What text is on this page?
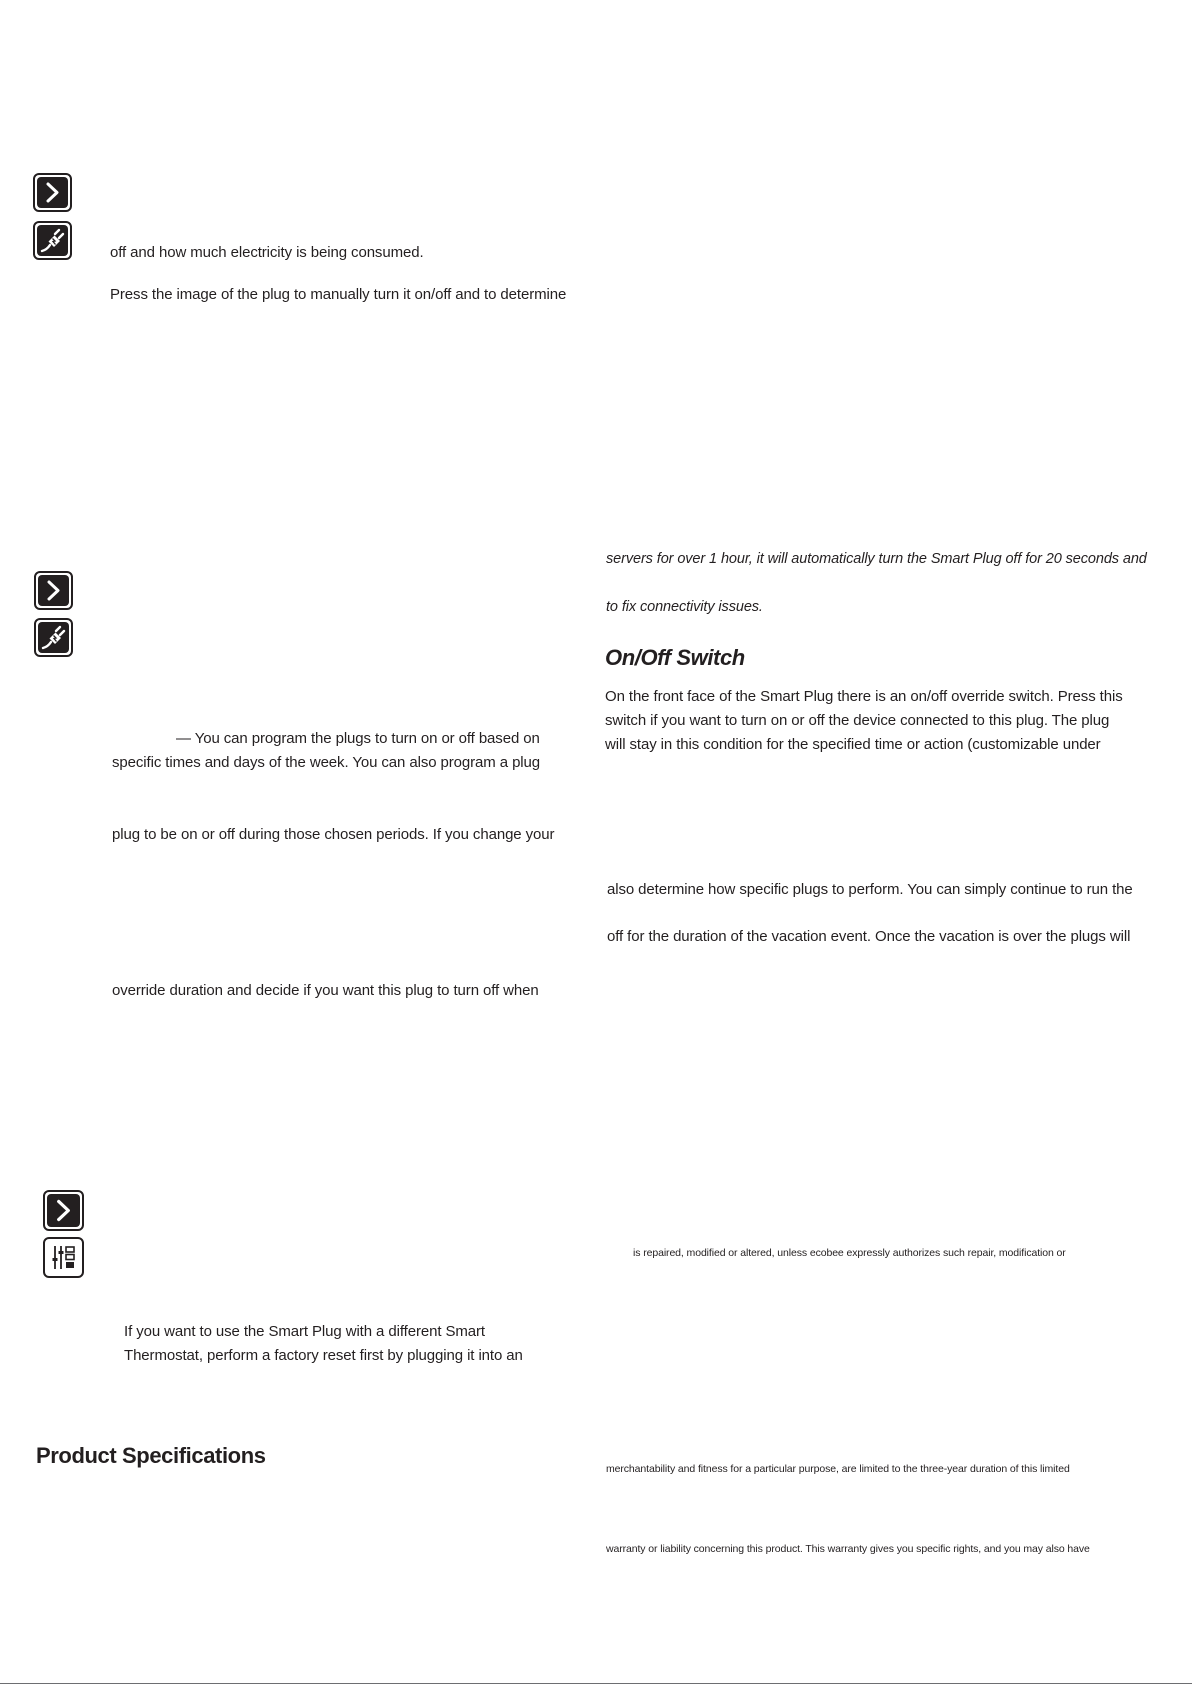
off and how much electricity is being consumed.
Press the image of the plug to manually turn it on/off and to determine
— You can program the plugs to turn on or off based on
specific times and days of the week. You can also program a plug
plug to be on or off during those chosen periods. If you change your
override duration and decide if you want this plug to turn off when
If you want to use the Smart Plug with a different Smart
Thermostat, perform a factory reset first by plugging it into an
Product Specifications
servers for over 1 hour, it will automatically turn the Smart Plug off for 20 seconds and
to fix connectivity issues.
On/Off Switch
On the front face of the Smart Plug there is an on/off override switch. Press this
switch if you want to turn on or off the device connected to this plug. The plug
will stay in this condition for the specified time or action (customizable under
also determine how specific plugs to perform. You can simply continue to run the
off for the duration of the vacation event. Once the vacation is over the plugs will
is repaired, modified or altered, unless ecobee expressly authorizes such repair, modification or
merchantability and fitness for a particular purpose, are limited to the three-year duration of this limited
warranty or liability concerning this product. This warranty gives you specific rights, and you may also have
